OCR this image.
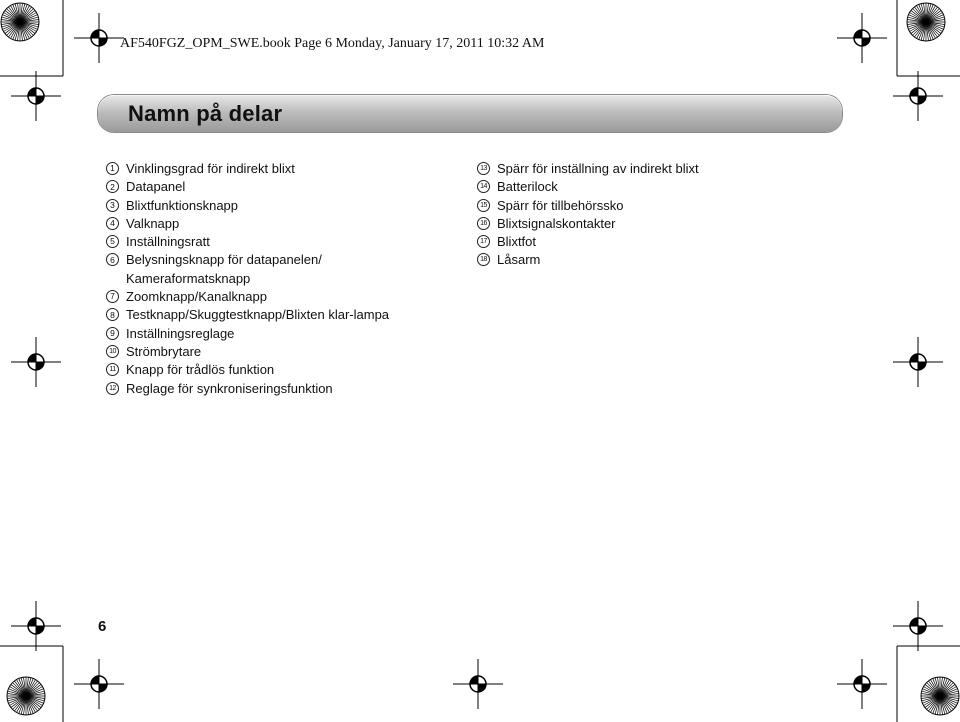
AF540FGZ_OPM_SWE.book Page 6 Monday, January 17, 2011 10:32 AM
Namn på delar
1 Vinklingsgrad för indirekt blixt
2 Datapanel
3 Blixtfunktionsknapp
4 Valknapp
5 Inställningsratt
6 Belysningsknapp för datapanelen/
Kameraformatsknapp
7 Zoomknapp/Kanalknapp
8 Testknapp/Skuggtestknapp/Blixten klar-lampa
9 Inställningsreglage
10 Strömbrytare
11 Knapp för trådlös funktion
12 Reglage för synkroniseringsfunktion
13 Spärr för inställning av indirekt blixt
14 Batterilock
15 Spärr för tillbehörssko
16 Blixtsignalskontakter
17 Blixtfot
18 Låsarm
6
